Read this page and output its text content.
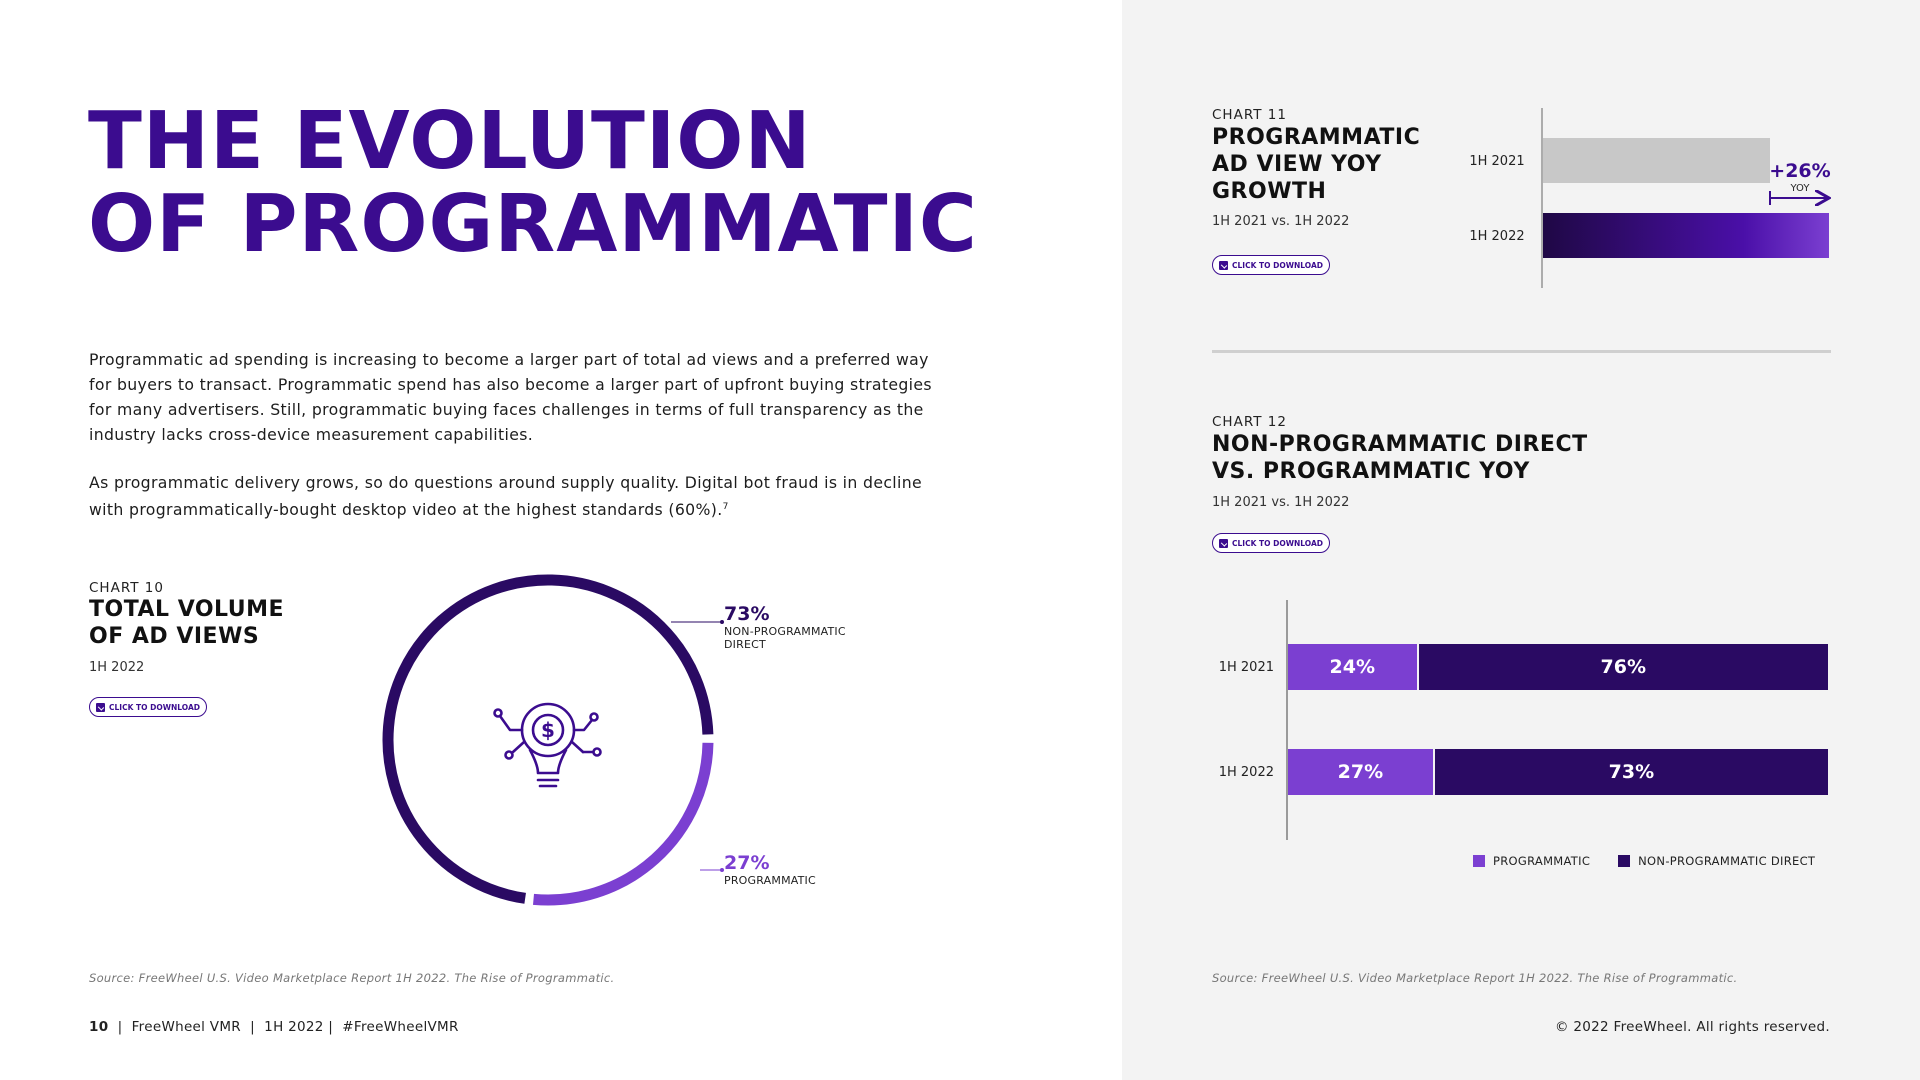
THE EVOLUTION
OF PROGRAMMATIC

Programmatic ad spending is increasing to become a larger part of total ad views and a preferred way for buyers to transact. Programmatic spend has also become a larger part of upfront buying strategies for many advertisers. Still, programmatic buying faces challenges in terms of full transparency as the industry lacks cross-device measurement capabilities.

As programmatic delivery grows, so do questions around supply quality. Digital bot fraud is in decline with programmatically-bought desktop video at the highest standards (60%).$^7$

CHART 10
TOTAL VOLUME
OF AD VIEWS
1H 2022
CLICK TO DOWNLOAD
$
73%
NON-PROGRAMMATIC
DIRECT
27%
PROGRAMMATIC
Source: FreeWheel U.S. Video Marketplace Report 1H 2022. The Rise of Programmatic.
10  |  FreeWheel VMR  |  1H 2022 |  #FreeWheelVMR
CHART 11
PROGRAMMATIC
AD VIEW YOY
GROWTH
1H 2021 vs. 1H 2022
CLICK TO DOWNLOAD
1H 2021
1H 2022
+26%
YOY
CHART 12
NON-PROGRAMMATIC DIRECT
VS. PROGRAMMATIC YOY
1H 2021 vs. 1H 2022
CLICK TO DOWNLOAD
1H 2021	24%	76%
1H 2022	27%	73%
PROGRAMMATIC	NON-PROGRAMMATIC DIRECT
Source: FreeWheel U.S. Video Marketplace Report 1H 2022. The Rise of Programmatic.
© 2022 FreeWheel. All rights reserved.
